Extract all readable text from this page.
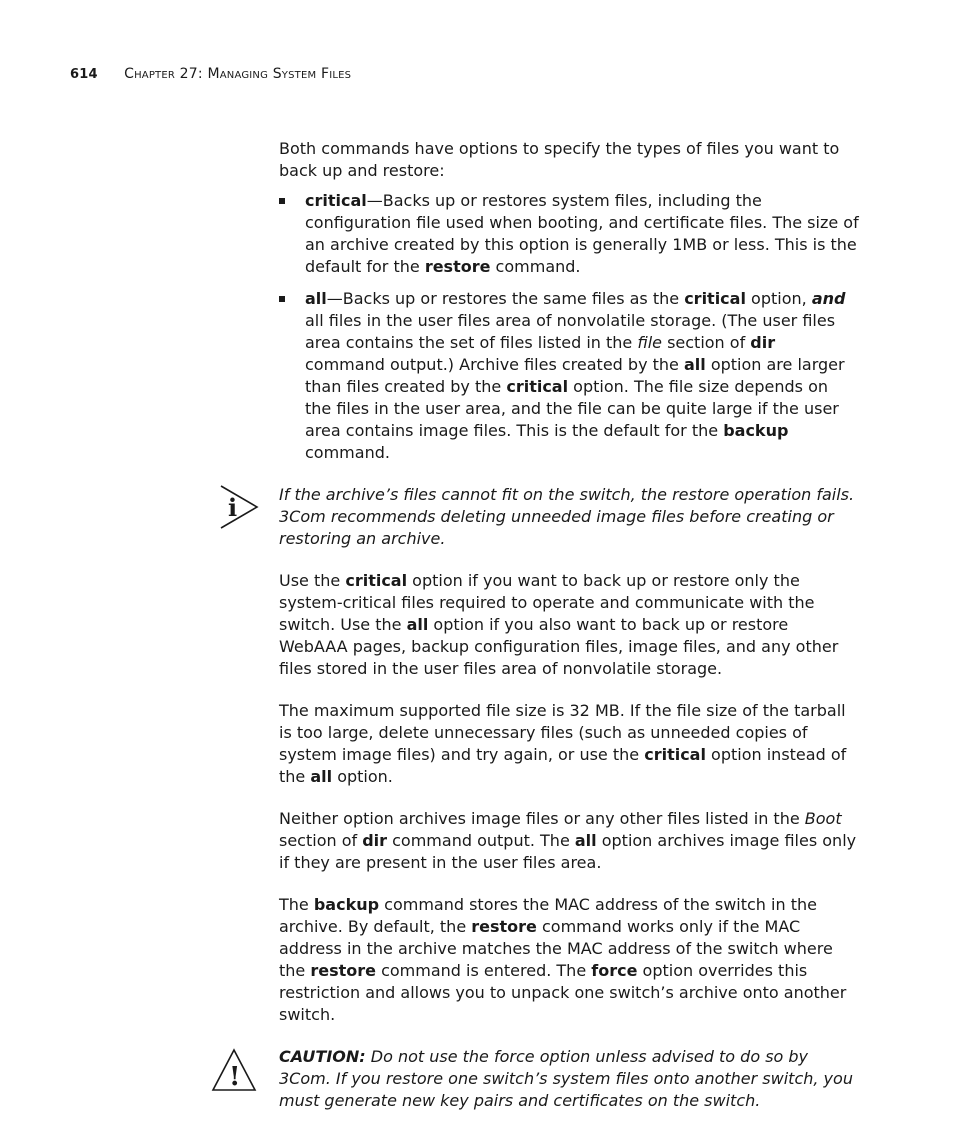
614 Chapter 27: Managing System Files

Both commands have options to specify the types of files you want to back up and restore:

critical—Backs up or restores system files, including the configuration file used when booting, and certificate files. The size of an archive created by this option is generally 1MB or less. This is the default for the restore command.
all—Backs up or restores the same files as the critical option, and all files in the user files area of nonvolatile storage. (The user files area contains the set of files listed in the file section of dir command output.) Archive files created by the all option are larger than files created by the critical option. The file size depends on the files in the user area, and the file can be quite large if the user area contains image files. This is the default for the backup command.
i	If the archive’s files cannot fit on the switch, the restore operation fails. 3Com recommends deleting unneeded image files before creating or restoring an archive.

Use the critical option if you want to back up or restore only the system-critical files required to operate and communicate with the switch. Use the all option if you also want to back up or restore WebAAA pages, backup configuration files, image files, and any other files stored in the user files area of nonvolatile storage.

The maximum supported file size is 32 MB. If the file size of the tarball is too large, delete unnecessary files (such as unneeded copies of system image files) and try again, or use the critical option instead of the all option.

Neither option archives image files or any other files listed in the Boot section of dir command output. The all option archives image files only if they are present in the user files area.

The backup command stores the MAC address of the switch in the archive. By default, the restore command works only if the MAC address in the archive matches the MAC address of the switch where the restore command is entered. The force option overrides this restriction and allows you to unpack one switch’s archive onto another switch.

!

CAUTION: Do not use the force option unless advised to do so by 3Com. If you restore one switch’s system files onto another switch, you must generate new key pairs and certificates on the switch.
